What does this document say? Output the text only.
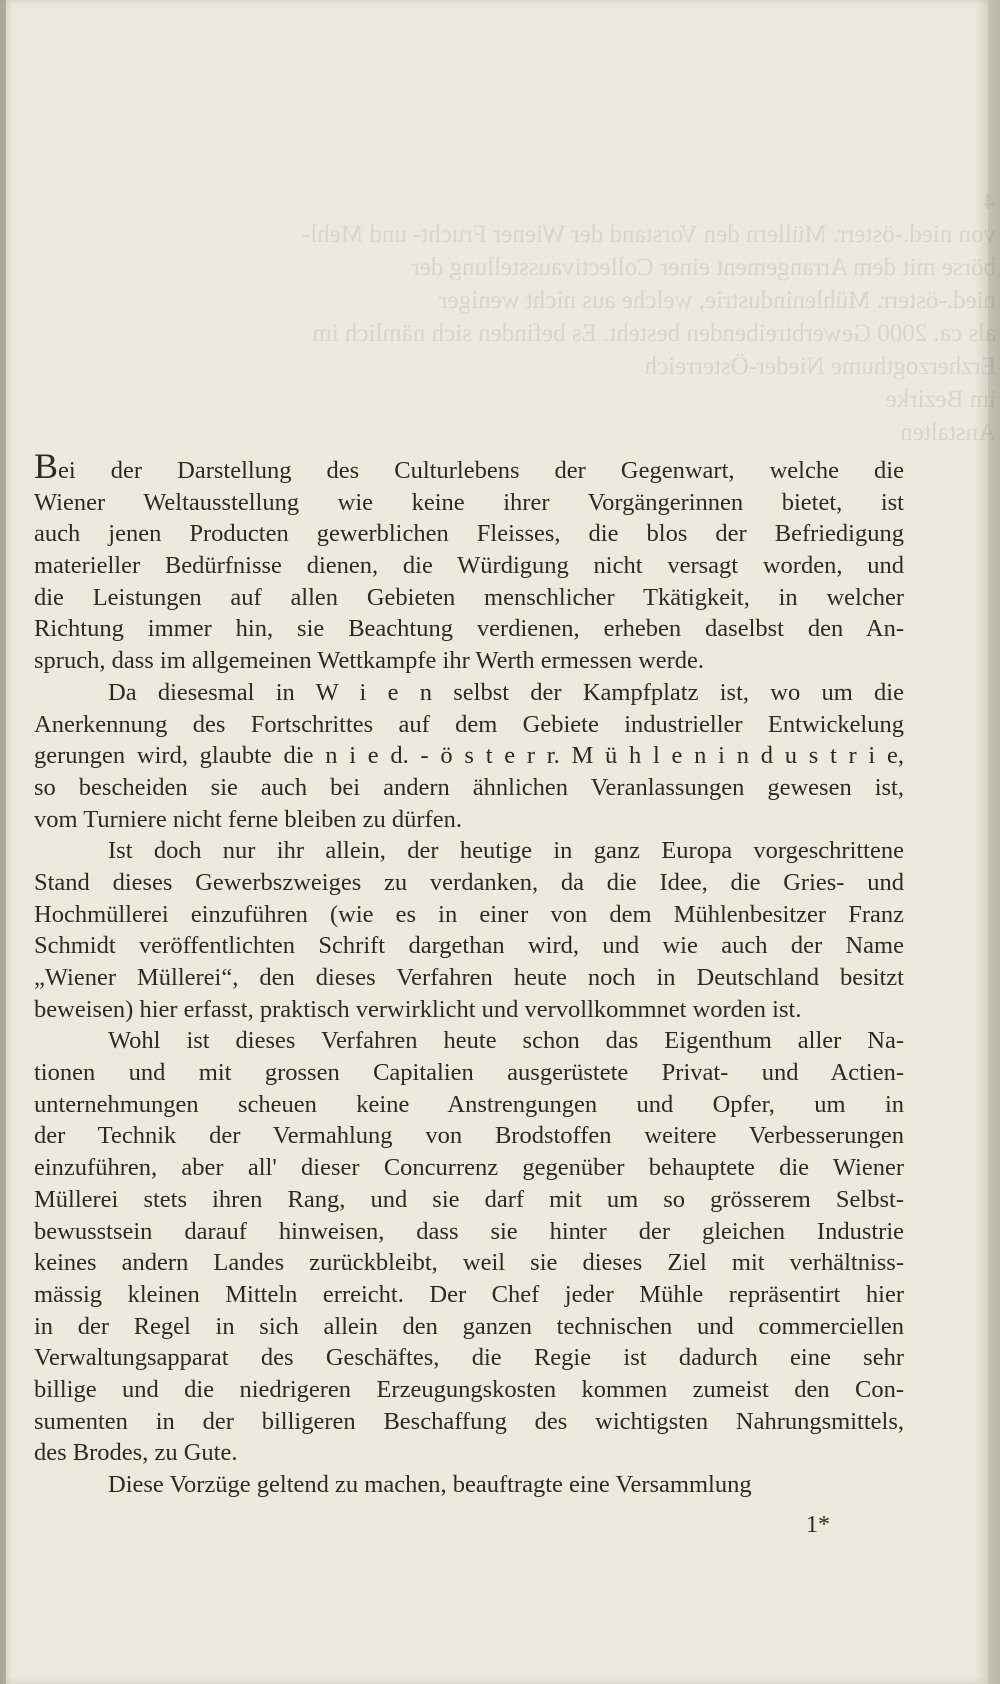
4
von nied.-österr. Müllern den Vorstand der Wiener Frucht- und Mehl-
börse mit dem Arrangement einer Collectivausstellung der
nied.-österr. Mühlenindustrie, welche aus nicht weniger
als ca. 2000 Gewerbtreibenden besteht. Es befinden sich nämlich im
Erzherzogthume Nieder-Österreich
im Bezirke
Anstalten
Bei der Darstellung des Culturlebens der Gegenwart, welche die
Wiener Weltausstellung wie keine ihrer Vorgängerinnen bietet, ist
auch jenen Producten gewerblichen Fleisses, die blos der Befriedigung
materieller Bedürfnisse dienen, die Würdigung nicht versagt worden, und
die Leistungen auf allen Gebieten menschlicher Tkätigkeit, in welcher
Richtung immer hin, sie Beachtung verdienen, erheben daselbst den An-
spruch, dass im allgemeinen Wettkampfe ihr Werth ermessen werde.
Da diesesmal in W i e n selbst der Kampfplatz ist, wo um die
Anerkennung des Fortschrittes auf dem Gebiete industrieller Entwickelung
gerungen wird, glaubte die n i e d. - ö s t e r r. M ü h l e n i n d u s t r i e,
so bescheiden sie auch bei andern ähnlichen Veranlassungen gewesen ist,
vom Turniere nicht ferne bleiben zu dürfen.
Ist doch nur ihr allein, der heutige in ganz Europa vorgeschrittene
Stand dieses Gewerbszweiges zu verdanken, da die Idee, die Gries- und
Hochmüllerei einzuführen (wie es in einer von dem Mühlenbesitzer Franz
Schmidt veröffentlichten Schrift dargethan wird, und wie auch der Name
„Wiener Müllerei“, den dieses Verfahren heute noch in Deutschland besitzt
beweisen) hier erfasst, praktisch verwirklicht und vervollkommnet worden ist.
Wohl ist dieses Verfahren heute schon das Eigenthum aller Na-
tionen und mit grossen Capitalien ausgerüstete Privat- und Actien-
unternehmungen scheuen keine Anstrengungen und Opfer, um in
der Technik der Vermahlung von Brodstoffen weitere Verbesserungen
einzuführen, aber all' dieser Concurrenz gegenüber behauptete die Wiener
Müllerei stets ihren Rang, und sie darf mit um so grösserem Selbst-
bewusstsein darauf hinweisen, dass sie hinter der gleichen Industrie
keines andern Landes zurückbleibt, weil sie dieses Ziel mit verhältniss-
mässig kleinen Mitteln erreicht. Der Chef jeder Mühle repräsentirt hier
in der Regel in sich allein den ganzen technischen und commerciellen
Verwaltungsapparat des Geschäftes, die Regie ist dadurch eine sehr
billige und die niedrigeren Erzeugungskosten kommen zumeist den Con-
sumenten in der billigeren Beschaffung des wichtigsten Nahrungsmittels,
des Brodes, zu Gute.
Diese Vorzüge geltend zu machen, beauftragte eine Versammlung
1*
